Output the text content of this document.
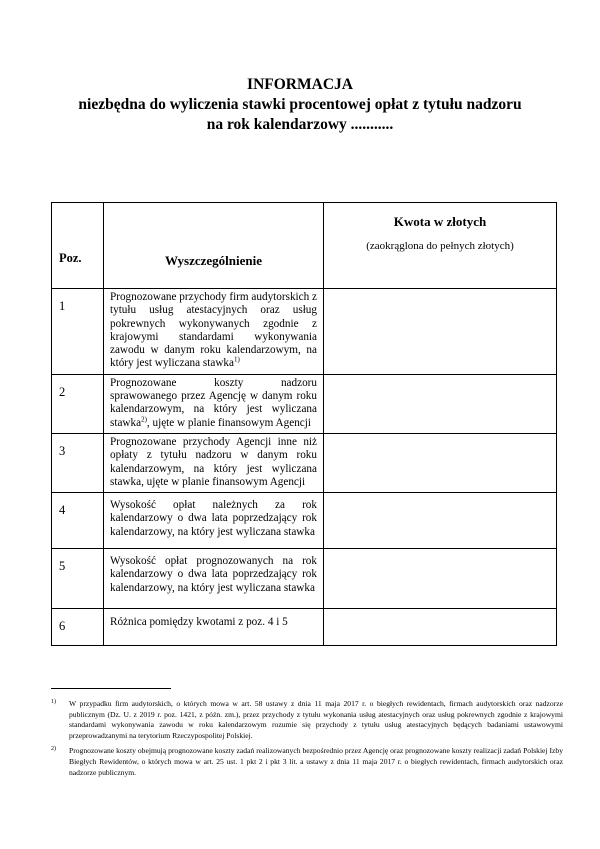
INFORMACJA
niezbędna do wyliczenia stawki procentowej opłat z tytułu nadzoru
na rok kalendarzowy ...........
Poz.	Wyszczególnienie	Kwota w złotych
(zaokrąglona do pełnych złotych)

1	Prognozowane przychody firm audytorskich z tytułu usług atestacyjnych oraz usług pokrewnych wykonywanych zgodnie z krajowymi standardami wykonywania zawodu w danym roku kalendarzowym, na który jest wyliczana stawka$^{1)}$

2	Prognozowane koszty nadzoru sprawowanego przez Agencję w danym roku kalendarzowym, na który jest wyliczana stawka$^{2)}$, ujęte w planie finansowym Agencji	

3	Prognozowane przychody Agencji inne niż opłaty z tytułu nadzoru w danym roku kalendarzowym, na który jest wyliczana stawka, ujęte w planie finansowym Agencji	

4	Wysokość opłat należnych za rok kalendarzowy o dwa lata poprzedzający rok kalendarzowy, na który jest wyliczana stawka	

5	Wysokość opłat prognozowanych na rok kalendarzowy o dwa lata poprzedzający rok kalendarzowy, na który jest wyliczana stawka	

6	Różnica pomiędzy kwotami z poz. 4 i 5	

1) W przypadku firm audytorskich, o których mowa w art. 58 ustawy z dnia 11 maja 2017 r. o biegłych rewidentach, firmach audytorskich oraz nadzorze publicznym (Dz. U. z 2019 r. poz. 1421, z późn. zm.), przez przychody z tytułu wykonania usług atestacyjnych oraz usług pokrewnych zgodnie z krajowymi standardami wykonywania zawodu w roku kalendarzowym rozumie się przychody z tytułu usług atestacyjnych będących badaniami ustawowymi przeprowadzanymi na terytorium Rzeczypospolitej Polskiej.
2) Prognozowane koszty obejmują prognozowane koszty zadań realizowanych bezpośrednio przez Agencję oraz prognozowane koszty realizacji zadań Polskiej Izby Biegłych Rewidentów, o których mowa w art. 25 ust. 1 pkt 2 i pkt 3 lit. a ustawy z dnia 11 maja 2017 r. o biegłych rewidentach, firmach audytorskich oraz nadzorze publicznym.
